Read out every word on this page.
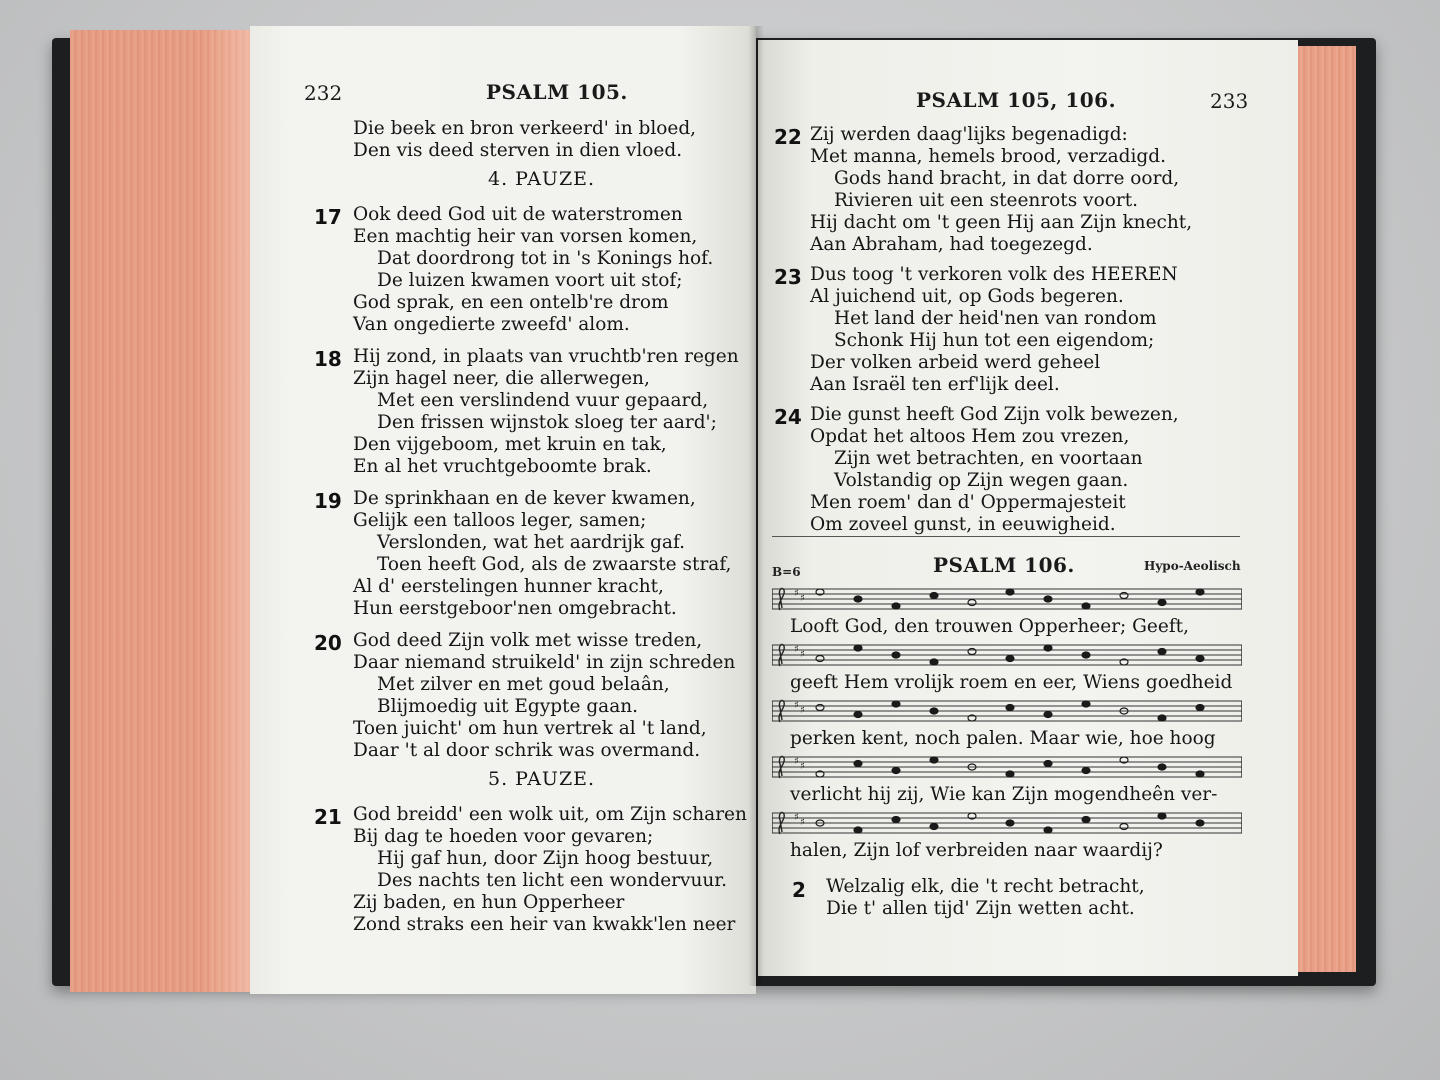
232	PSALM 105.
Die beek en bron verkeerd' in bloed,
Den vis deed sterven in dien vloed.
4. PAUZE.
17 Ook deed God uit de waterstromen
Een machtig heir van vorsen komen,
Dat doordrong tot in 's Konings hof.
De luizen kwamen voort uit stof;
God sprak, en een ontelb're drom
Van ongedierte zweefd' alom.
18 Hij zond, in plaats van vruchtb'ren regen
Zijn hagel neer, die allerwegen,
Met een verslindend vuur gepaard,
Den frissen wijnstok sloeg ter aard';
Den vijgeboom, met kruin en tak,
En al het vruchtgeboomte brak.
19 De sprinkhaan en de kever kwamen,
Gelijk een talloos leger, samen;
Verslonden, wat het aardrijk gaf.
Toen heeft God, als de zwaarste straf,
Al d' eerstelingen hunner kracht,
Hun eerstgeboor'nen omgebracht.
20 God deed Zijn volk met wisse treden,
Daar niemand struikeld' in zijn schreden
Met zilver en met goud belaân,
Blijmoedig uit Egypte gaan.
Toen juicht' om hun vertrek al 't land,
Daar 't al door schrik was overmand.
5. PAUZE.
21 God breidd' een wolk uit, om Zijn scharen
Bij dag te hoeden voor gevaren;
Hij gaf hun, door Zijn hoog bestuur,
Des nachts ten licht een wondervuur.
Zij baden, en hun Opperheer
Zond straks een heir van kwakk'len neer
PSALM 105, 106.	233
22 Zij werden daag'lijks begenadigd:
Met manna, hemels brood, verzadigd.
Gods hand bracht, in dat dorre oord,
Rivieren uit een steenrots voort.
Hij dacht om 't geen Hij aan Zijn knecht,
Aan Abraham, had toegezegd.
23 Dus toog 't verkoren volk des HEEREN
Al juichend uit, op Gods begeren.
Het land der heid'nen van rondom
Schonk Hij hun tot een eigendom;
Der volken arbeid werd geheel
Aan Israël ten erf'lijk deel.
24 Die gunst heeft God Zijn volk bewezen,
Opdat het altoos Hem zou vrezen,
Zijn wet betrachten, en voortaan
Volstandig op Zijn wegen gaan.
Men roem' dan d' Oppermajesteit
Om zoveel gunst, in eeuwigheid.
B=6	PSALM 106.	Hypo-Aeolisch
♯ ♯
Looft God, den trouwen Opperheer; Geeft,
♯ ♯
geeft Hem vrolijk roem en eer, Wiens goedheid
♯ ♯
perken kent, noch palen. Maar wie, hoe hoog
♯ ♯
verlicht hij zij, Wie kan Zijn mogendheên ver-
♯ ♯
halen, Zijn lof verbreiden naar waardij?
2 Welzalig elk, die 't recht betracht,
Die t' allen tijd' Zijn wetten acht.
